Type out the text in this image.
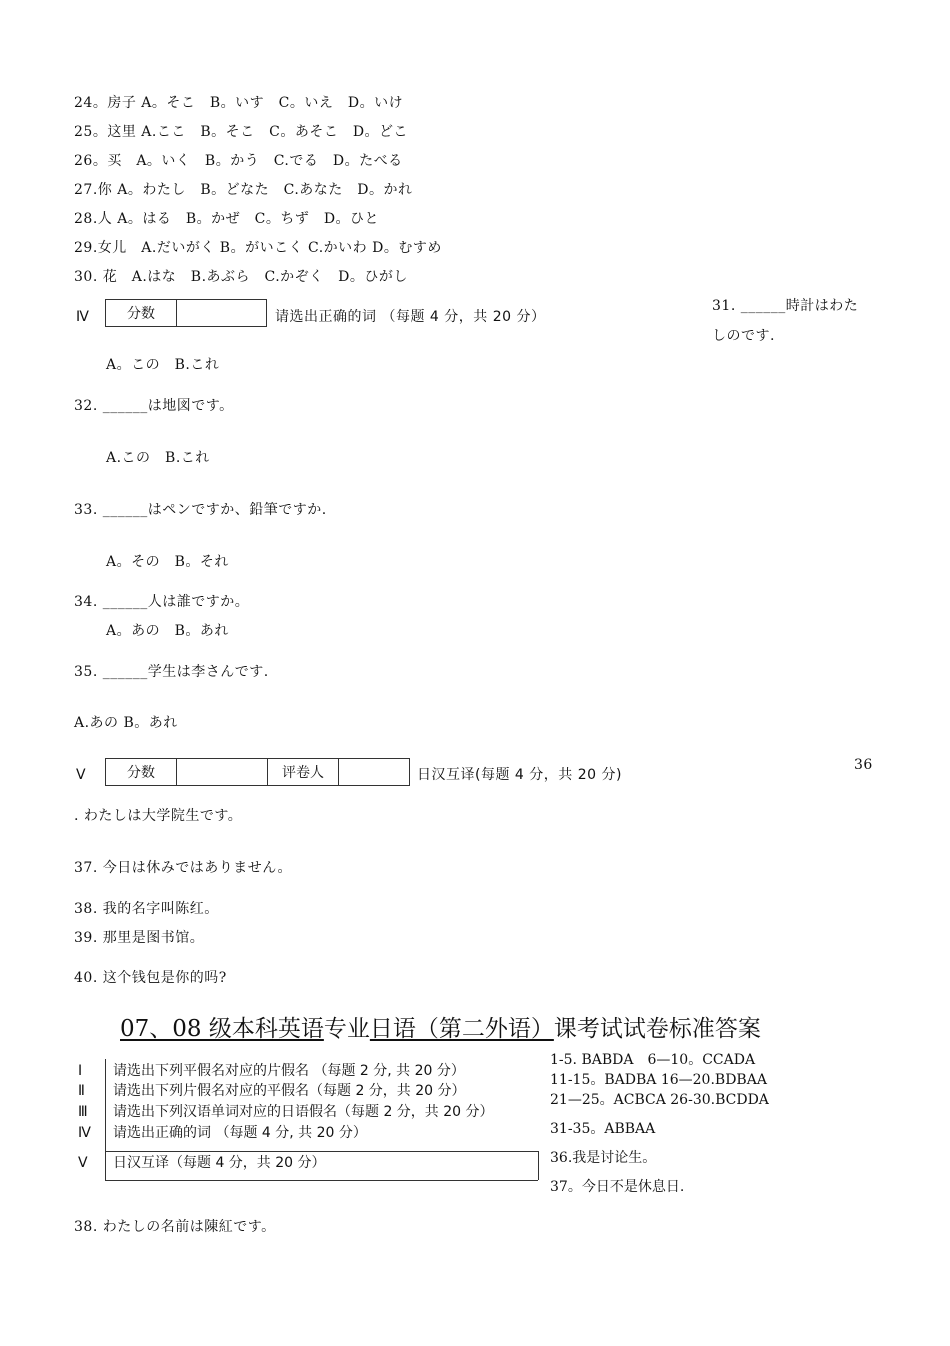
24。房子 A。そこ　B。いす　C。いえ　D。いけ
25。这里 A.ここ　B。そこ　C。あそこ　D。どこ
26。买　A。いく　B。かう　C.でる　D。たべる
27.你 A。わたし　B。どなた　C.あなた　D。かれ
28.人 A。はる　B。かぜ　C。ちず　D。ひと
29.女儿　A.だいがく B。がいこく C.かいわ D。むすめ
30. 花　A.はな　B.あぶら　C.かぞく　D。ひがし
Ⅳ	分数	请选出正确的词 （每题 4 分，共 20 分）
31. ______時計はわた
しのです.
A。この　B.これ
32. ______は地図です。
A.この　B.これ
33. ______はペンですか、鉛筆ですか.
A。その　B。それ
34. ______人は誰ですか。
A。あの　B。あれ
35. ______学生は李さんです.
A.あの B。あれ
Ⅴ	分数	评卷人	日汉互译(每题 4 分，共 20 分)
36
. わたしは大学院生です。
37. 今日は休みではありません。
38. 我的名字叫陈红。
39. 那里是图书馆。
40. 这个钱包是你的吗?
07、08 级本科英语专业日语（第二外语）课考试试卷标准答案
Ⅰ 请选出下列平假名对应的片假名 （每题 2 分, 共 20 分）
Ⅱ 请选出下列片假名对应的平假名（每题 2 分，共 20 分）
Ⅲ 请选出下列汉语单词对应的日语假名（每题 2 分，共 20 分）
Ⅳ 请选出正确的词 （每题 4 分, 共 20 分）
Ⅴ 日汉互译（每题 4 分，共 20 分）
1-5. BABDA　6—10。CCADA
11-15。BADBA 16—20.BDBAA
21—25。ACBCA 26-30.BCDDA
31-35。ABBAA
36.我是讨论生。
37。今日不是休息日.
38. わたしの名前は陳紅です。
